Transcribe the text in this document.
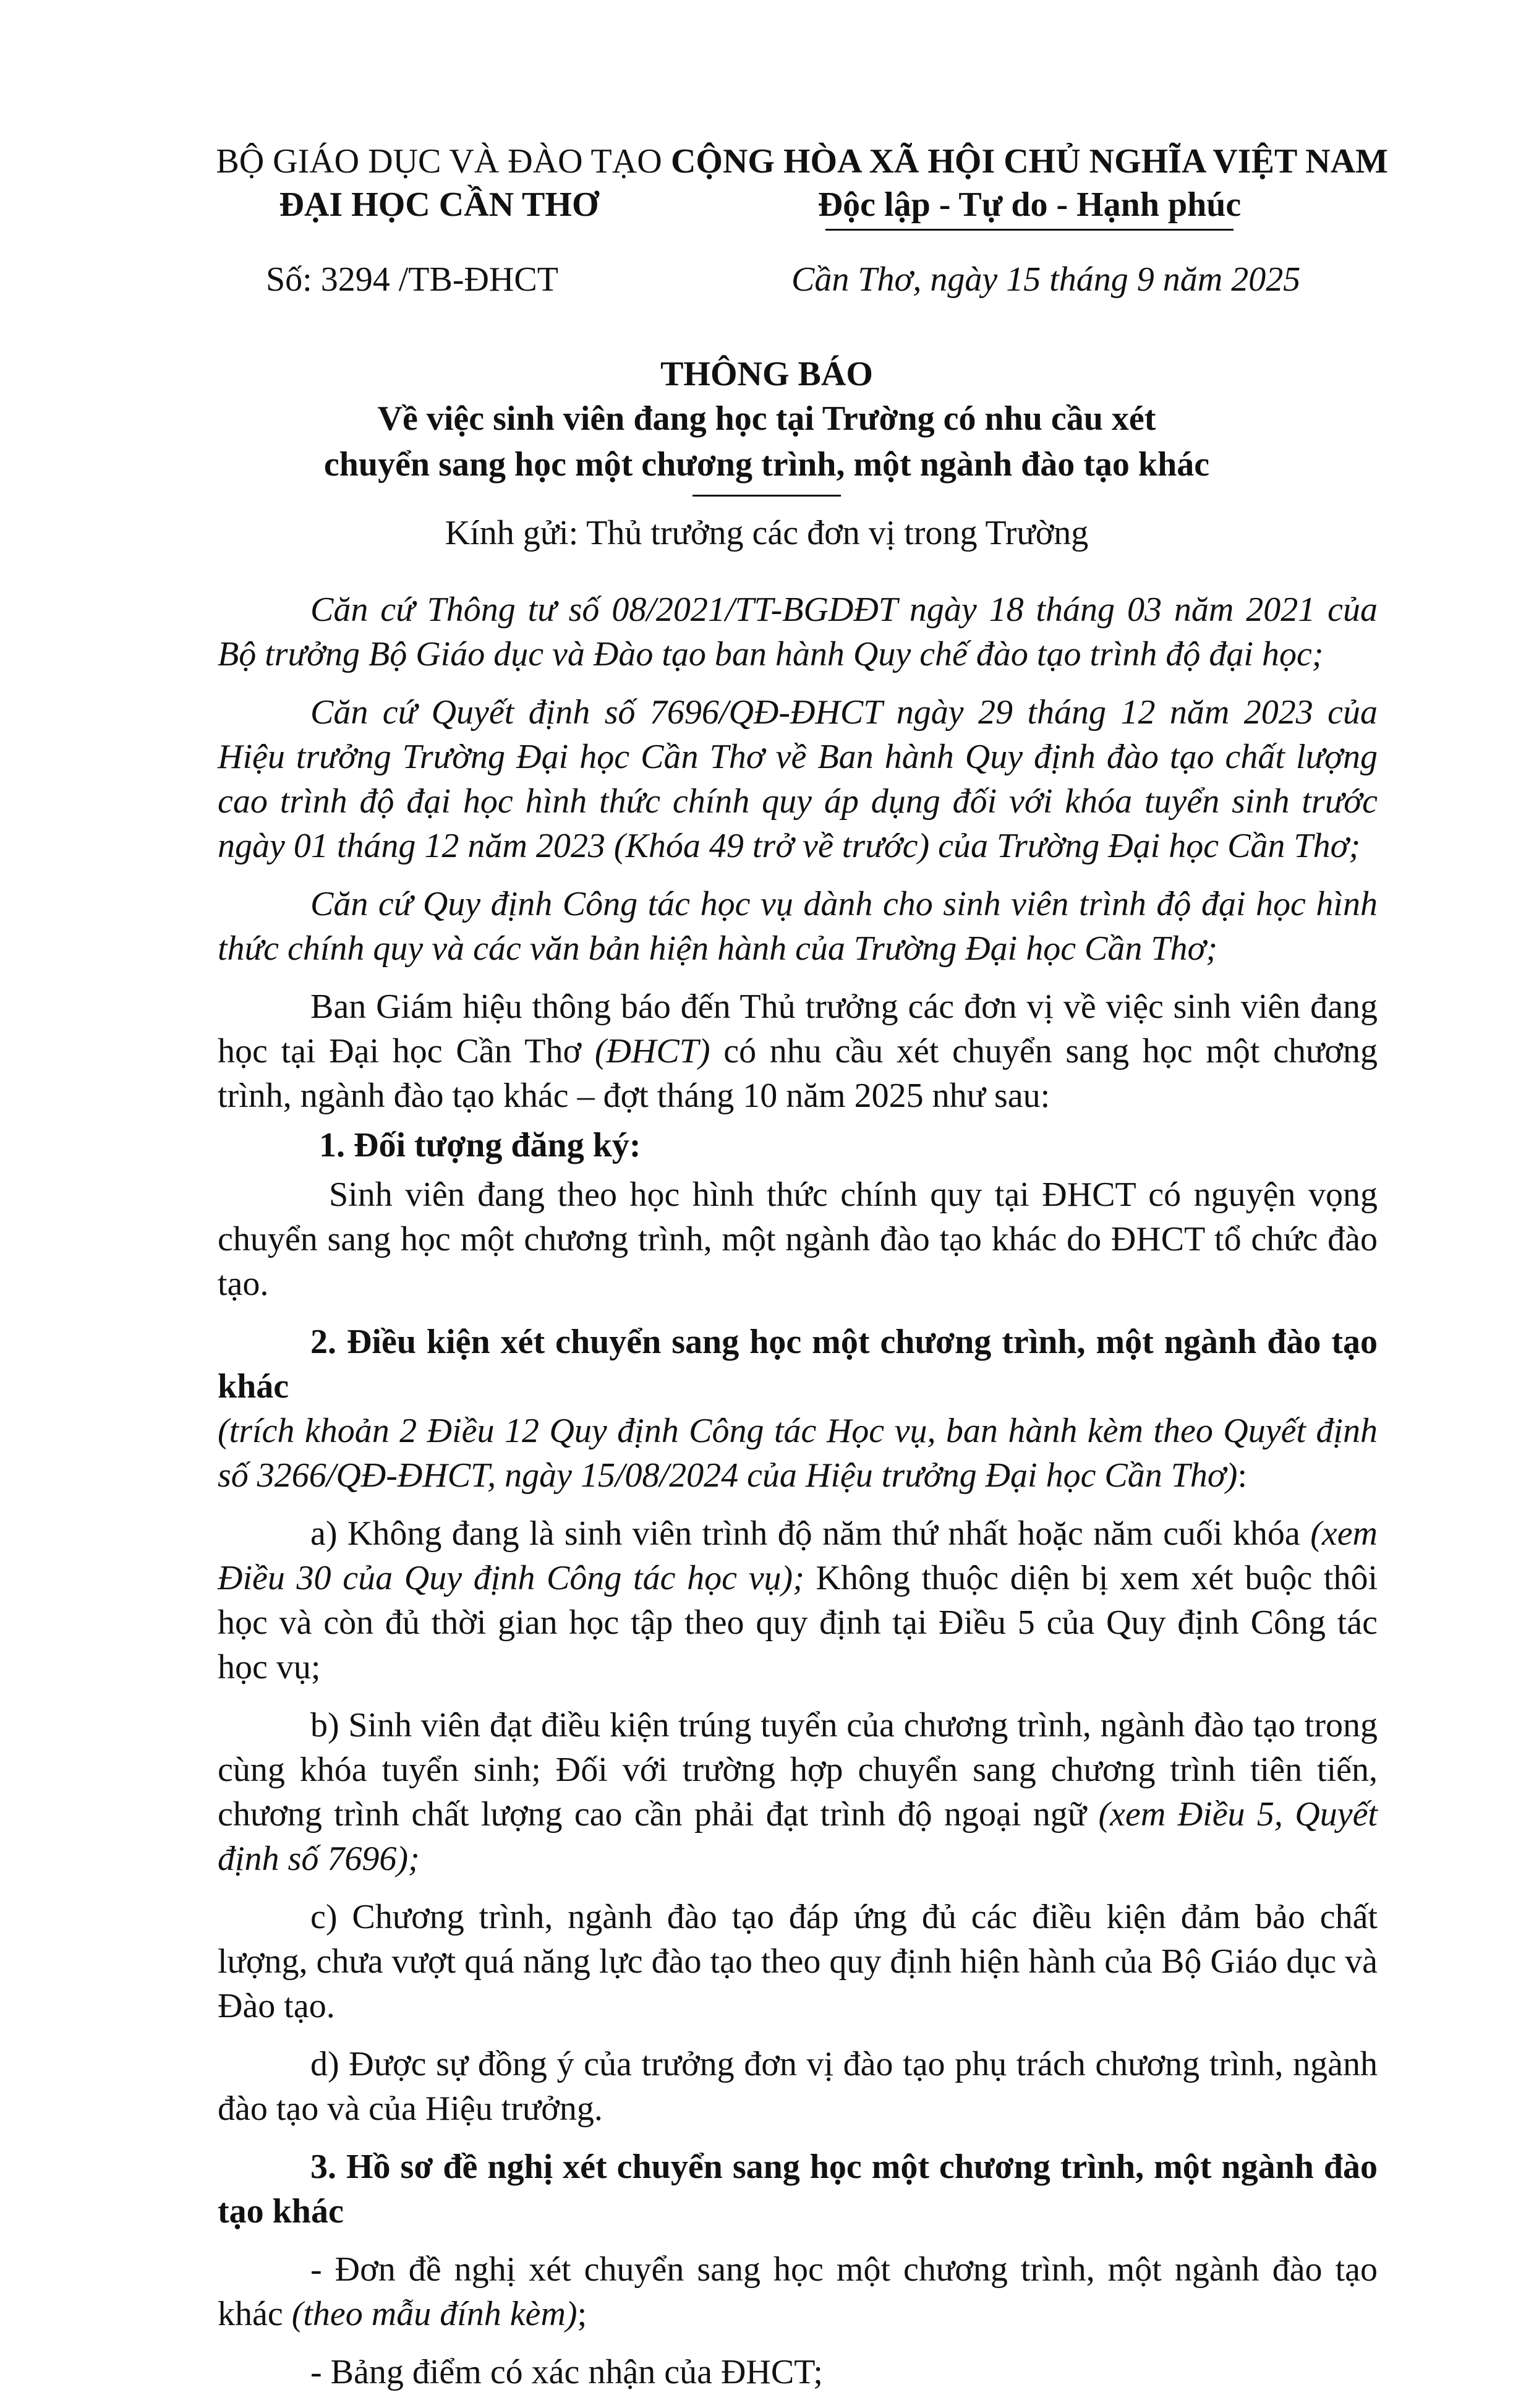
BỘ GIÁO DỤC VÀ ĐÀO TẠO
ĐẠI HỌC CẦN THƠ
CỘNG HÒA XÃ HỘI CHỦ NGHĨA VIỆT NAM
Độc lập - Tự do - Hạnh phúc
Số: 3294 /TB-ĐHCT	Cần Thơ, ngày 15 tháng 9 năm 2025
THÔNG BÁO
Về việc sinh viên đang học tại Trường có nhu cầu xét
chuyển sang học một chương trình, một ngành đào tạo khác
Kính gửi: Thủ trưởng các đơn vị trong Trường

Căn cứ Thông tư số 08/2021/TT-BGDĐT ngày 18 tháng 03 năm 2021 của Bộ trưởng Bộ Giáo dục và Đào tạo ban hành Quy chế đào tạo trình độ đại học;

Căn cứ Quyết định số 7696/QĐ-ĐHCT ngày 29 tháng 12 năm 2023 của Hiệu trưởng Trường Đại học Cần Thơ về Ban hành Quy định đào tạo chất lượng cao trình độ đại học hình thức chính quy áp dụng đối với khóa tuyển sinh trước ngày 01 tháng 12 năm 2023 (Khóa 49 trở về trước) của Trường Đại học Cần Thơ;

Căn cứ Quy định Công tác học vụ dành cho sinh viên trình độ đại học hình thức chính quy và các văn bản hiện hành của Trường Đại học Cần Thơ;

Ban Giám hiệu thông báo đến Thủ trưởng các đơn vị về việc sinh viên đang học tại Đại học Cần Thơ (ĐHCT) có nhu cầu xét chuyển sang học một chương trình, ngành đào tạo khác – đợt tháng 10 năm 2025 như sau:

1. Đối tượng đăng ký:

Sinh viên đang theo học hình thức chính quy tại ĐHCT có nguyện vọng chuyển sang học một chương trình, một ngành đào tạo khác do ĐHCT tổ chức đào tạo.

2. Điều kiện xét chuyển sang học một chương trình, một ngành đào tạo khác

(trích khoản 2 Điều 12 Quy định Công tác Học vụ, ban hành kèm theo Quyết định số 3266/QĐ-ĐHCT, ngày 15/08/2024 của Hiệu trưởng Đại học Cần Thơ):

a) Không đang là sinh viên trình độ năm thứ nhất hoặc năm cuối khóa (xem Điều 30 của Quy định Công tác học vụ); Không thuộc diện bị xem xét buộc thôi học và còn đủ thời gian học tập theo quy định tại Điều 5 của Quy định Công tác học vụ;

b) Sinh viên đạt điều kiện trúng tuyển của chương trình, ngành đào tạo trong cùng khóa tuyển sinh; Đối với trường hợp chuyển sang chương trình tiên tiến, chương trình chất lượng cao cần phải đạt trình độ ngoại ngữ (xem Điều 5, Quyết định số 7696);

c) Chương trình, ngành đào tạo đáp ứng đủ các điều kiện đảm bảo chất lượng, chưa vượt quá năng lực đào tạo theo quy định hiện hành của Bộ Giáo dục và Đào tạo.

d) Được sự đồng ý của trưởng đơn vị đào tạo phụ trách chương trình, ngành đào tạo và của Hiệu trưởng.

3. Hồ sơ đề nghị xét chuyển sang học một chương trình, một ngành đào tạo khác

- Đơn đề nghị xét chuyển sang học một chương trình, một ngành đào tạo khác (theo mẫu đính kèm);

- Bảng điểm có xác nhận của ĐHCT;
